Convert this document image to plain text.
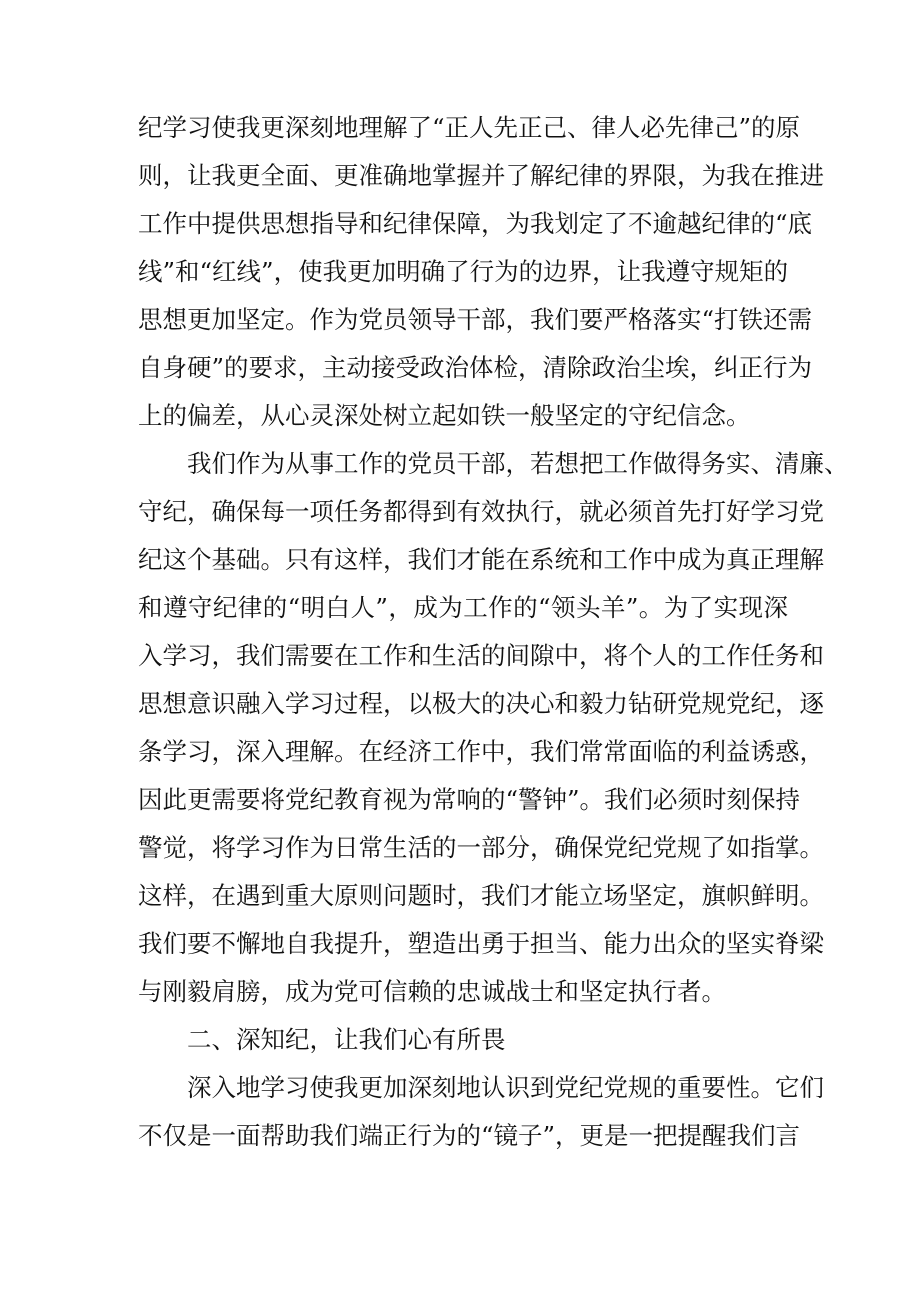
纪学习使我更深刻地理解了“正人先正己、律人必先律己”的原
则，让我更全面、更准确地掌握并了解纪律的界限，为我在推进
工作中提供思想指导和纪律保障，为我划定了不逾越纪律的“底
线”和“红线”，使我更加明确了行为的边界，让我遵守规矩的
思想更加坚定。作为党员领导干部，我们要严格落实“打铁还需
自身硬”的要求，主动接受政治体检，清除政治尘埃，纠正行为
上的偏差，从心灵深处树立起如铁一般坚定的守纪信念。
我们作为从事工作的党员干部，若想把工作做得务实、清廉、
守纪，确保每一项任务都得到有效执行，就必须首先打好学习党
纪这个基础。只有这样，我们才能在系统和工作中成为真正理解
和遵守纪律的“明白人”，成为工作的“领头羊”。为了实现深
入学习，我们需要在工作和生活的间隙中，将个人的工作任务和
思想意识融入学习过程，以极大的决心和毅力钻研党规党纪，逐
条学习，深入理解。在经济工作中，我们常常面临的利益诱惑，
因此更需要将党纪教育视为常响的“警钟”。我们必须时刻保持
警觉，将学习作为日常生活的一部分，确保党纪党规了如指掌。
这样，在遇到重大原则问题时，我们才能立场坚定，旗帜鲜明。
我们要不懈地自我提升，塑造出勇于担当、能力出众的坚实脊梁
与刚毅肩膀，成为党可信赖的忠诚战士和坚定执行者。
二、深知纪，让我们心有所畏
深入地学习使我更加深刻地认识到党纪党规的重要性。它们
不仅是一面帮助我们端正行为的“镜子”，更是一把提醒我们言
